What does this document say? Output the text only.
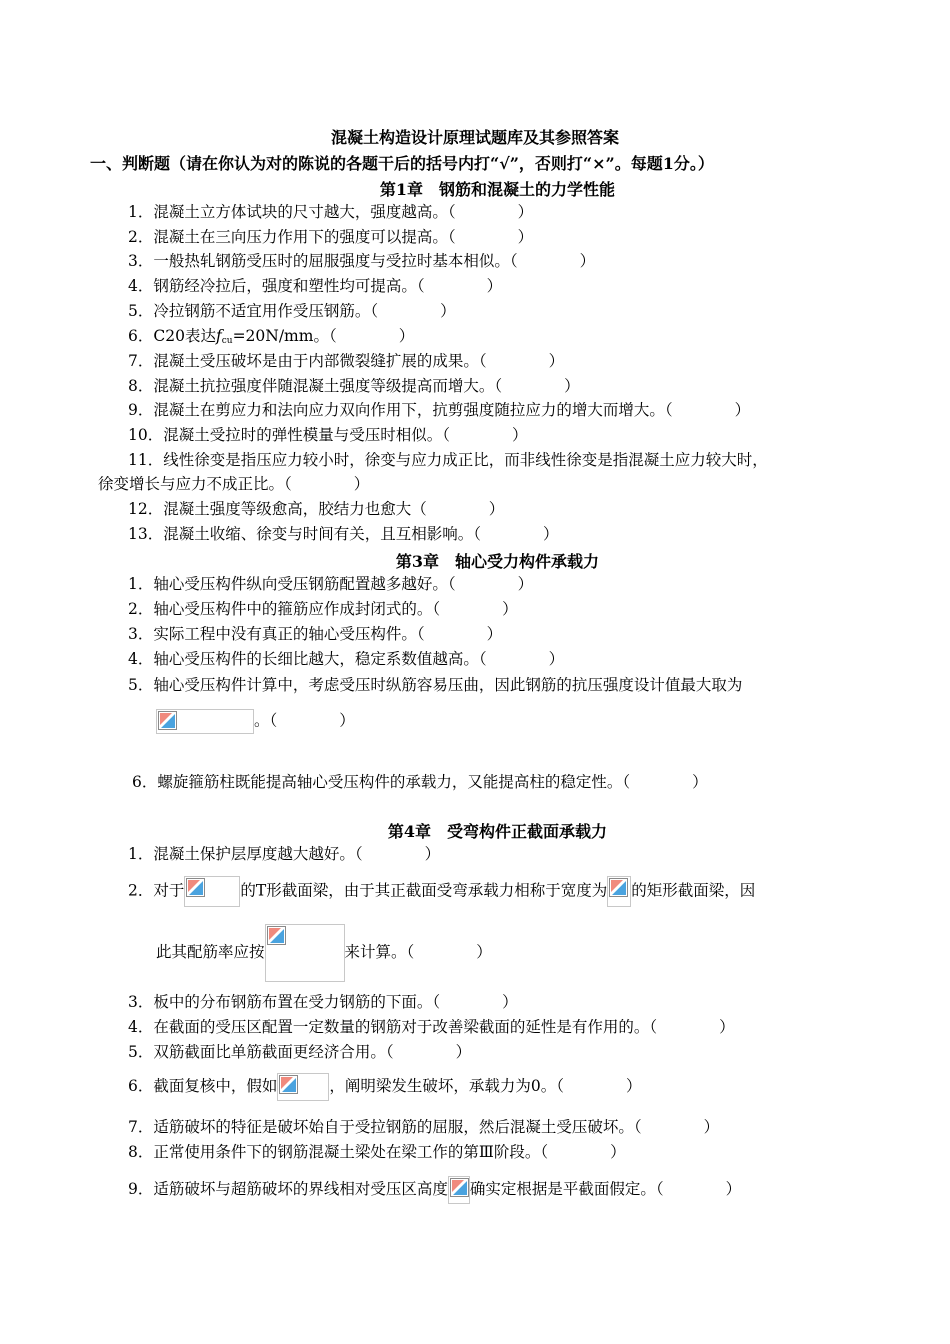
混凝土构造设计原理试题库及其参照答案
一、判断题（请在你认为对的陈说的各题干后的括号内打“√”，否则打“×”。每题1分。）
第1章　钢筋和混凝土的力学性能
1．混凝土立方体试块的尺寸越大，强度越高。（　　　　）
2．混凝土在三向压力作用下的强度可以提高。（　　　　）
3．一般热轧钢筋受压时的屈服强度与受拉时基本相似。（　　　　）
4．钢筋经冷拉后，强度和塑性均可提高。（　　　　）
5．冷拉钢筋不适宜用作受压钢筋。（　　　　）
6．C20表达$f_{cu}=20N/mm$。（　　　　）
7．混凝土受压破坏是由于内部微裂缝扩展的成果。（　　　　）
8．混凝土抗拉强度伴随混凝土强度等级提高而增大。（　　　　）
9．混凝土在剪应力和法向应力双向作用下，抗剪强度随拉应力的增大而增大。（　　　　）
10．混凝土受拉时的弹性模量与受压时相似。（　　　　）
11．线性徐变是指压应力较小时，徐变与应力成正比，而非线性徐变是指混凝土应力较大时，
徐变增长与应力不成正比。（　　　　）
12．混凝土强度等级愈高，胶结力也愈大（　　　　）
13．混凝土收缩、徐变与时间有关，且互相影响。（　　　　）
第3章　轴心受力构件承载力
1．轴心受压构件纵向受压钢筋配置越多越好。（　　　　）
2．轴心受压构件中的箍筋应作成封闭式的。（　　　　）
3．实际工程中没有真正的轴心受压构件。（　　　　）
4．轴心受压构件的长细比越大，稳定系数值越高。（　　　　）
5．轴心受压构件计算中，考虑受压时纵筋容易压曲，因此钢筋的抗压强度设计值最大取为
。（　　　　）
6．螺旋箍筋柱既能提高轴心受压构件的承载力，又能提高柱的稳定性。（　　　　）
第4章　受弯构件正截面承载力
1．混凝土保护层厚度越大越好。（　　　　）
2．对于	的T形截面梁，由于其正截面受弯承载力相称于宽度为 的矩形截面梁，因
此其配筋率应按	来计算。（　　　　）
3．板中的分布钢筋布置在受力钢筋的下面。（　　　　）
4．在截面的受压区配置一定数量的钢筋对于改善梁截面的延性是有作用的。（　　　　）
5．双筋截面比单筋截面更经济合用。（　　　　）
6．截面复核中，假如	，阐明梁发生破坏，承载力为0。（　　　　）
7．适筋破坏的特征是破坏始自于受拉钢筋的屈服，然后混凝土受压破坏。（　　　　）
8．正常使用条件下的钢筋混凝土梁处在梁工作的第Ⅲ阶段。（　　　　）
9．适筋破坏与超筋破坏的界线相对受压区高度 确实定根据是平截面假定。（　　　　）
